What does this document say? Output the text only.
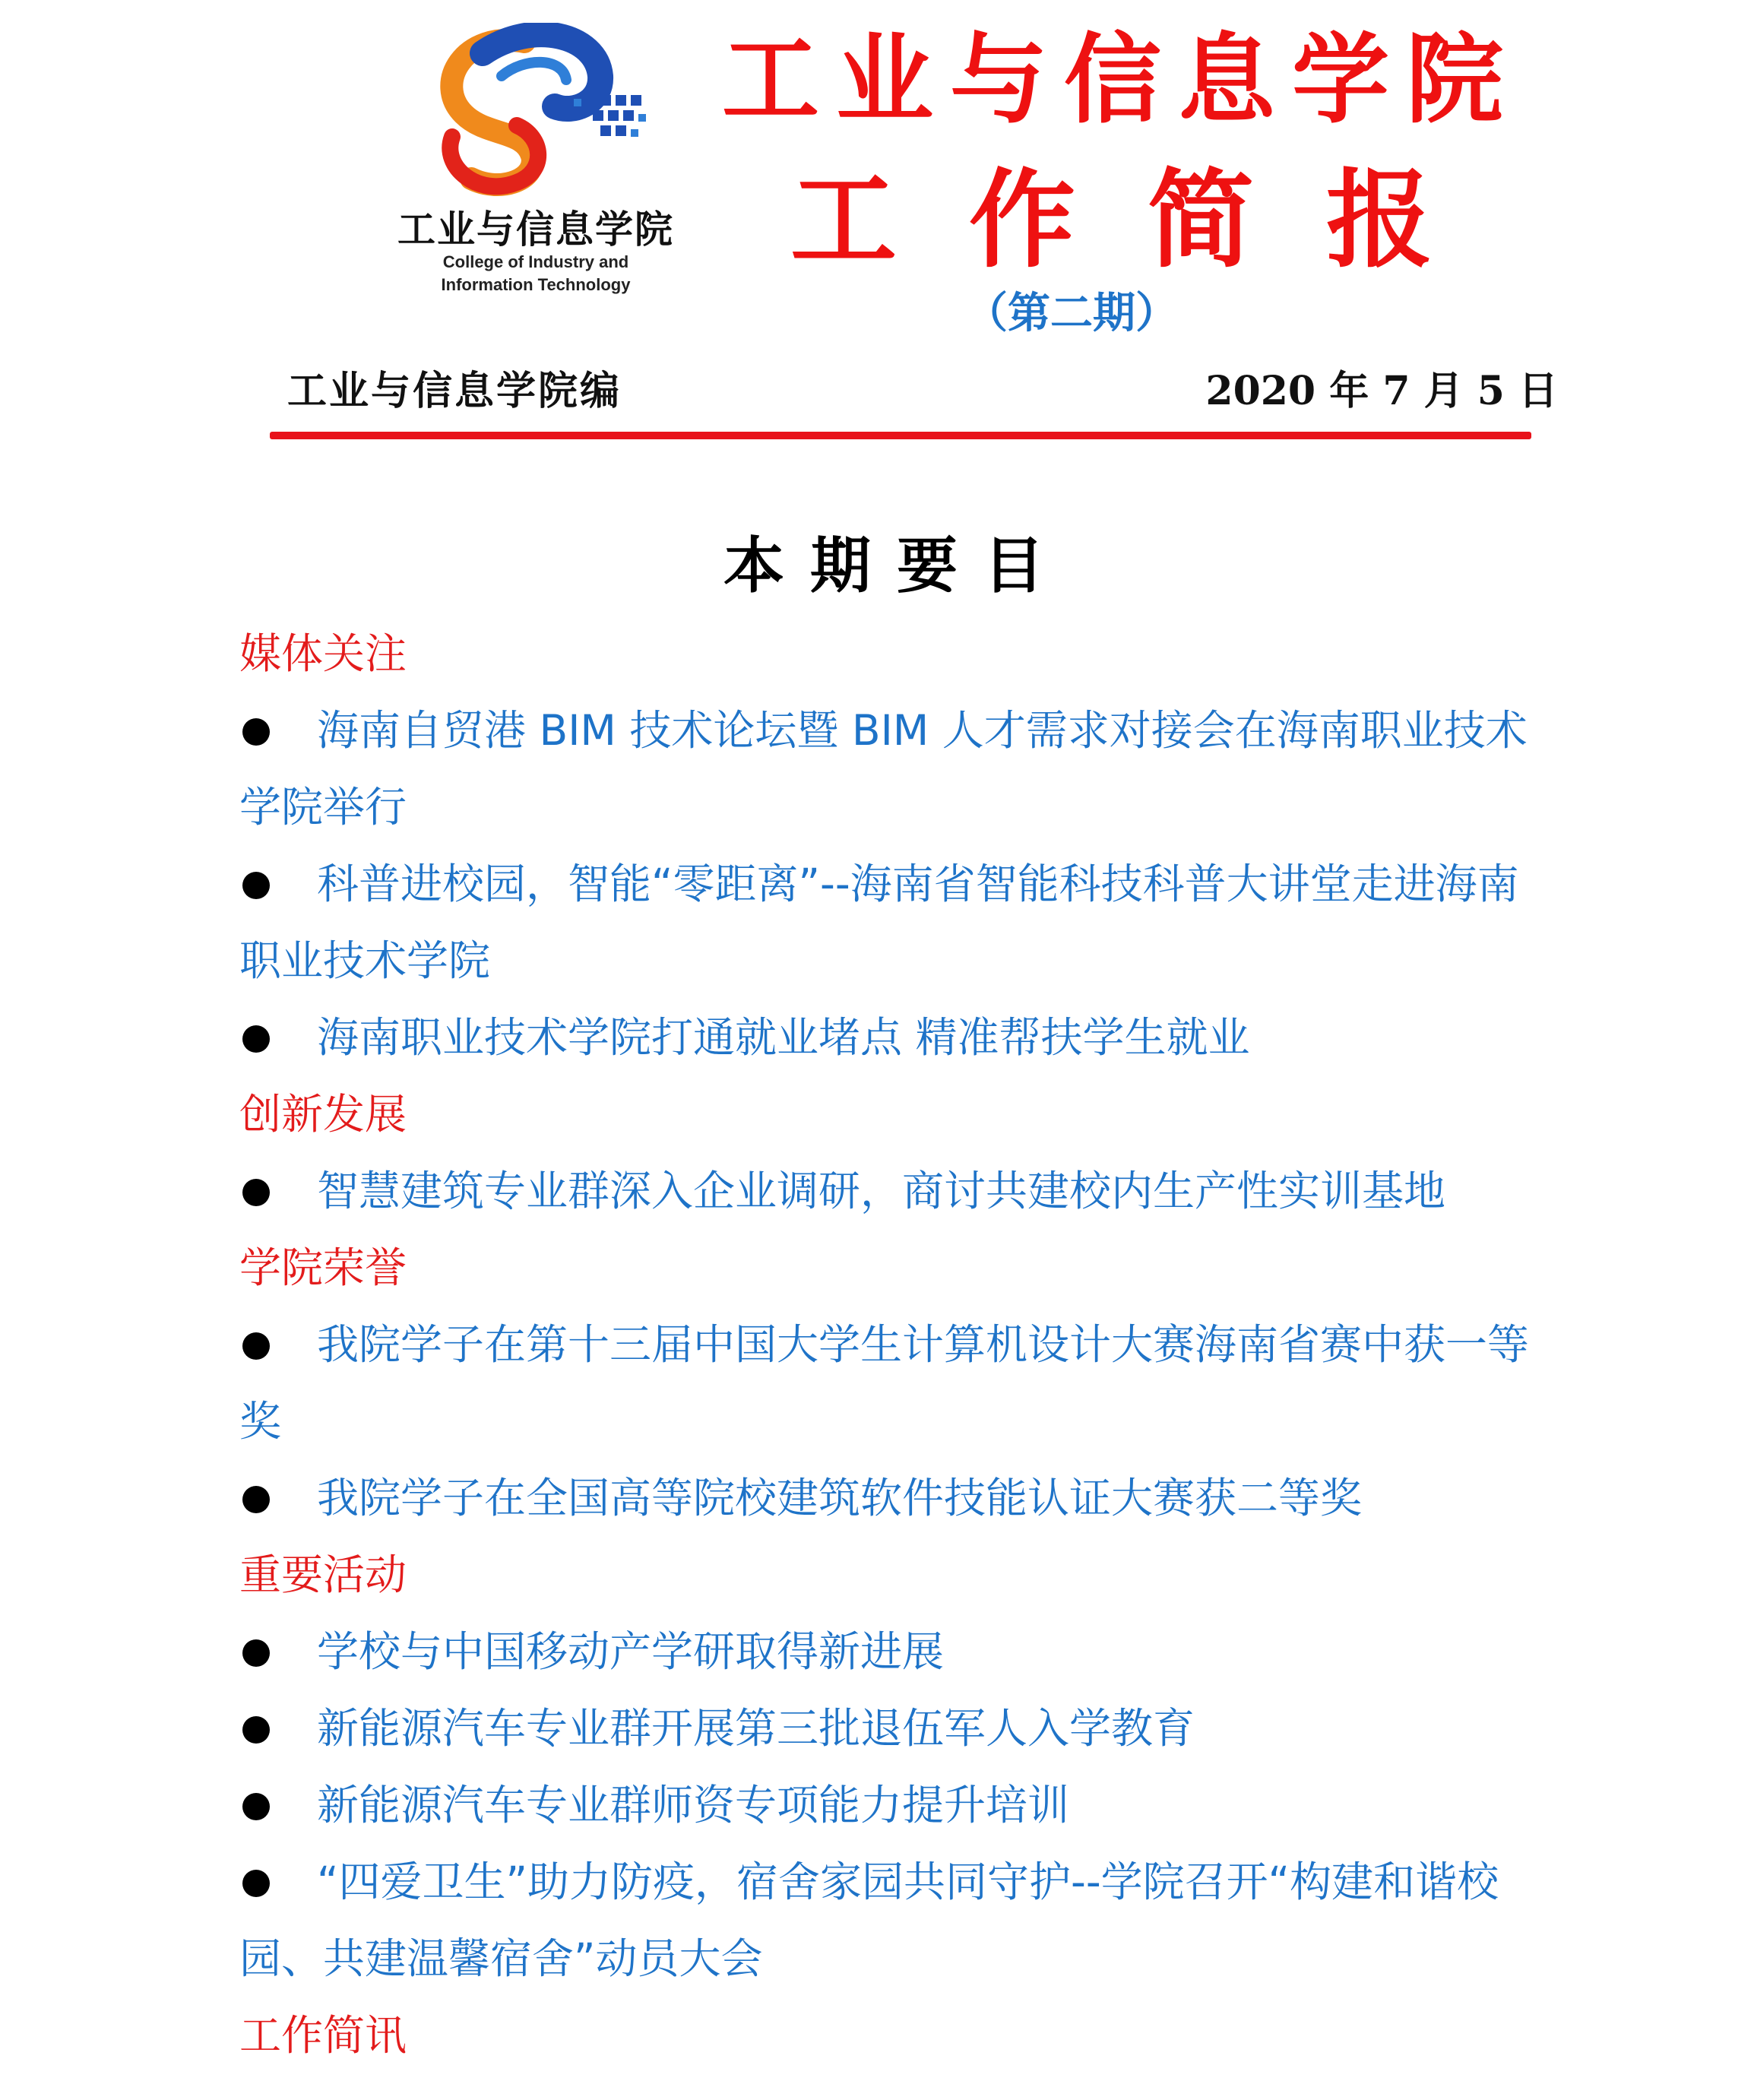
工业与信息学院
College of Industry and
Information Technology
工业与信息学院
工作简报
（第二期）
工业与信息学院编	2020 年 7 月 5 日
本期要目
媒体关注
海南自贸港 BIM 技术论坛暨 BIM 人才需求对接会在海南职业技术学院举行
科普进校园，智能“零距离”--海南省智能科技科普大讲堂走进海南职业技术学院
海南职业技术学院打通就业堵点 精准帮扶学生就业
创新发展
智慧建筑专业群深入企业调研，商讨共建校内生产性实训基地
学院荣誉
我院学子在第十三届中国大学生计算机设计大赛海南省赛中获一等奖
我院学子在全国高等院校建筑软件技能认证大赛获二等奖
重要活动
学校与中国移动产学研取得新进展
新能源汽车专业群开展第三批退伍军人入学教育
新能源汽车专业群师资专项能力提升培训
“四爱卫生”助力防疫，宿舍家园共同守护--学院召开“构建和谐校园、共建温馨宿舍”动员大会
工作简讯
